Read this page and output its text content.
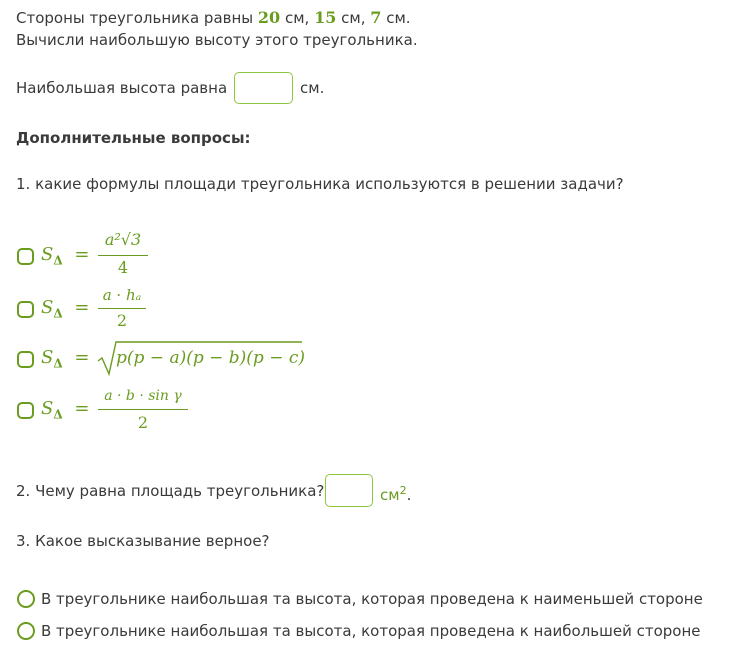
Стороны треугольника равны 20 см, 15 см, 7 см.
Вычисли наибольшую высоту этого треугольника.
Наибольшая высота равна	см.
Дополнительные вопросы:
1. какие формулы площади треугольника используются в решении задачи?
$S_\Delta$ =
a²√3
4
$S_\Delta$ =
a · hₐ
2
$S_\Delta = p(p - a)(p - b)(p - c)$
$S_\Delta$ =
a · b · sin γ
2
2. Чему равна площадь треугольника?	$см^2$.
3. Какое высказывание верное?
В треугольнике наибольшая та высота, которая проведена к наименьшей стороне
В треугольнике наибольшая та высота, которая проведена к наибольшей стороне
